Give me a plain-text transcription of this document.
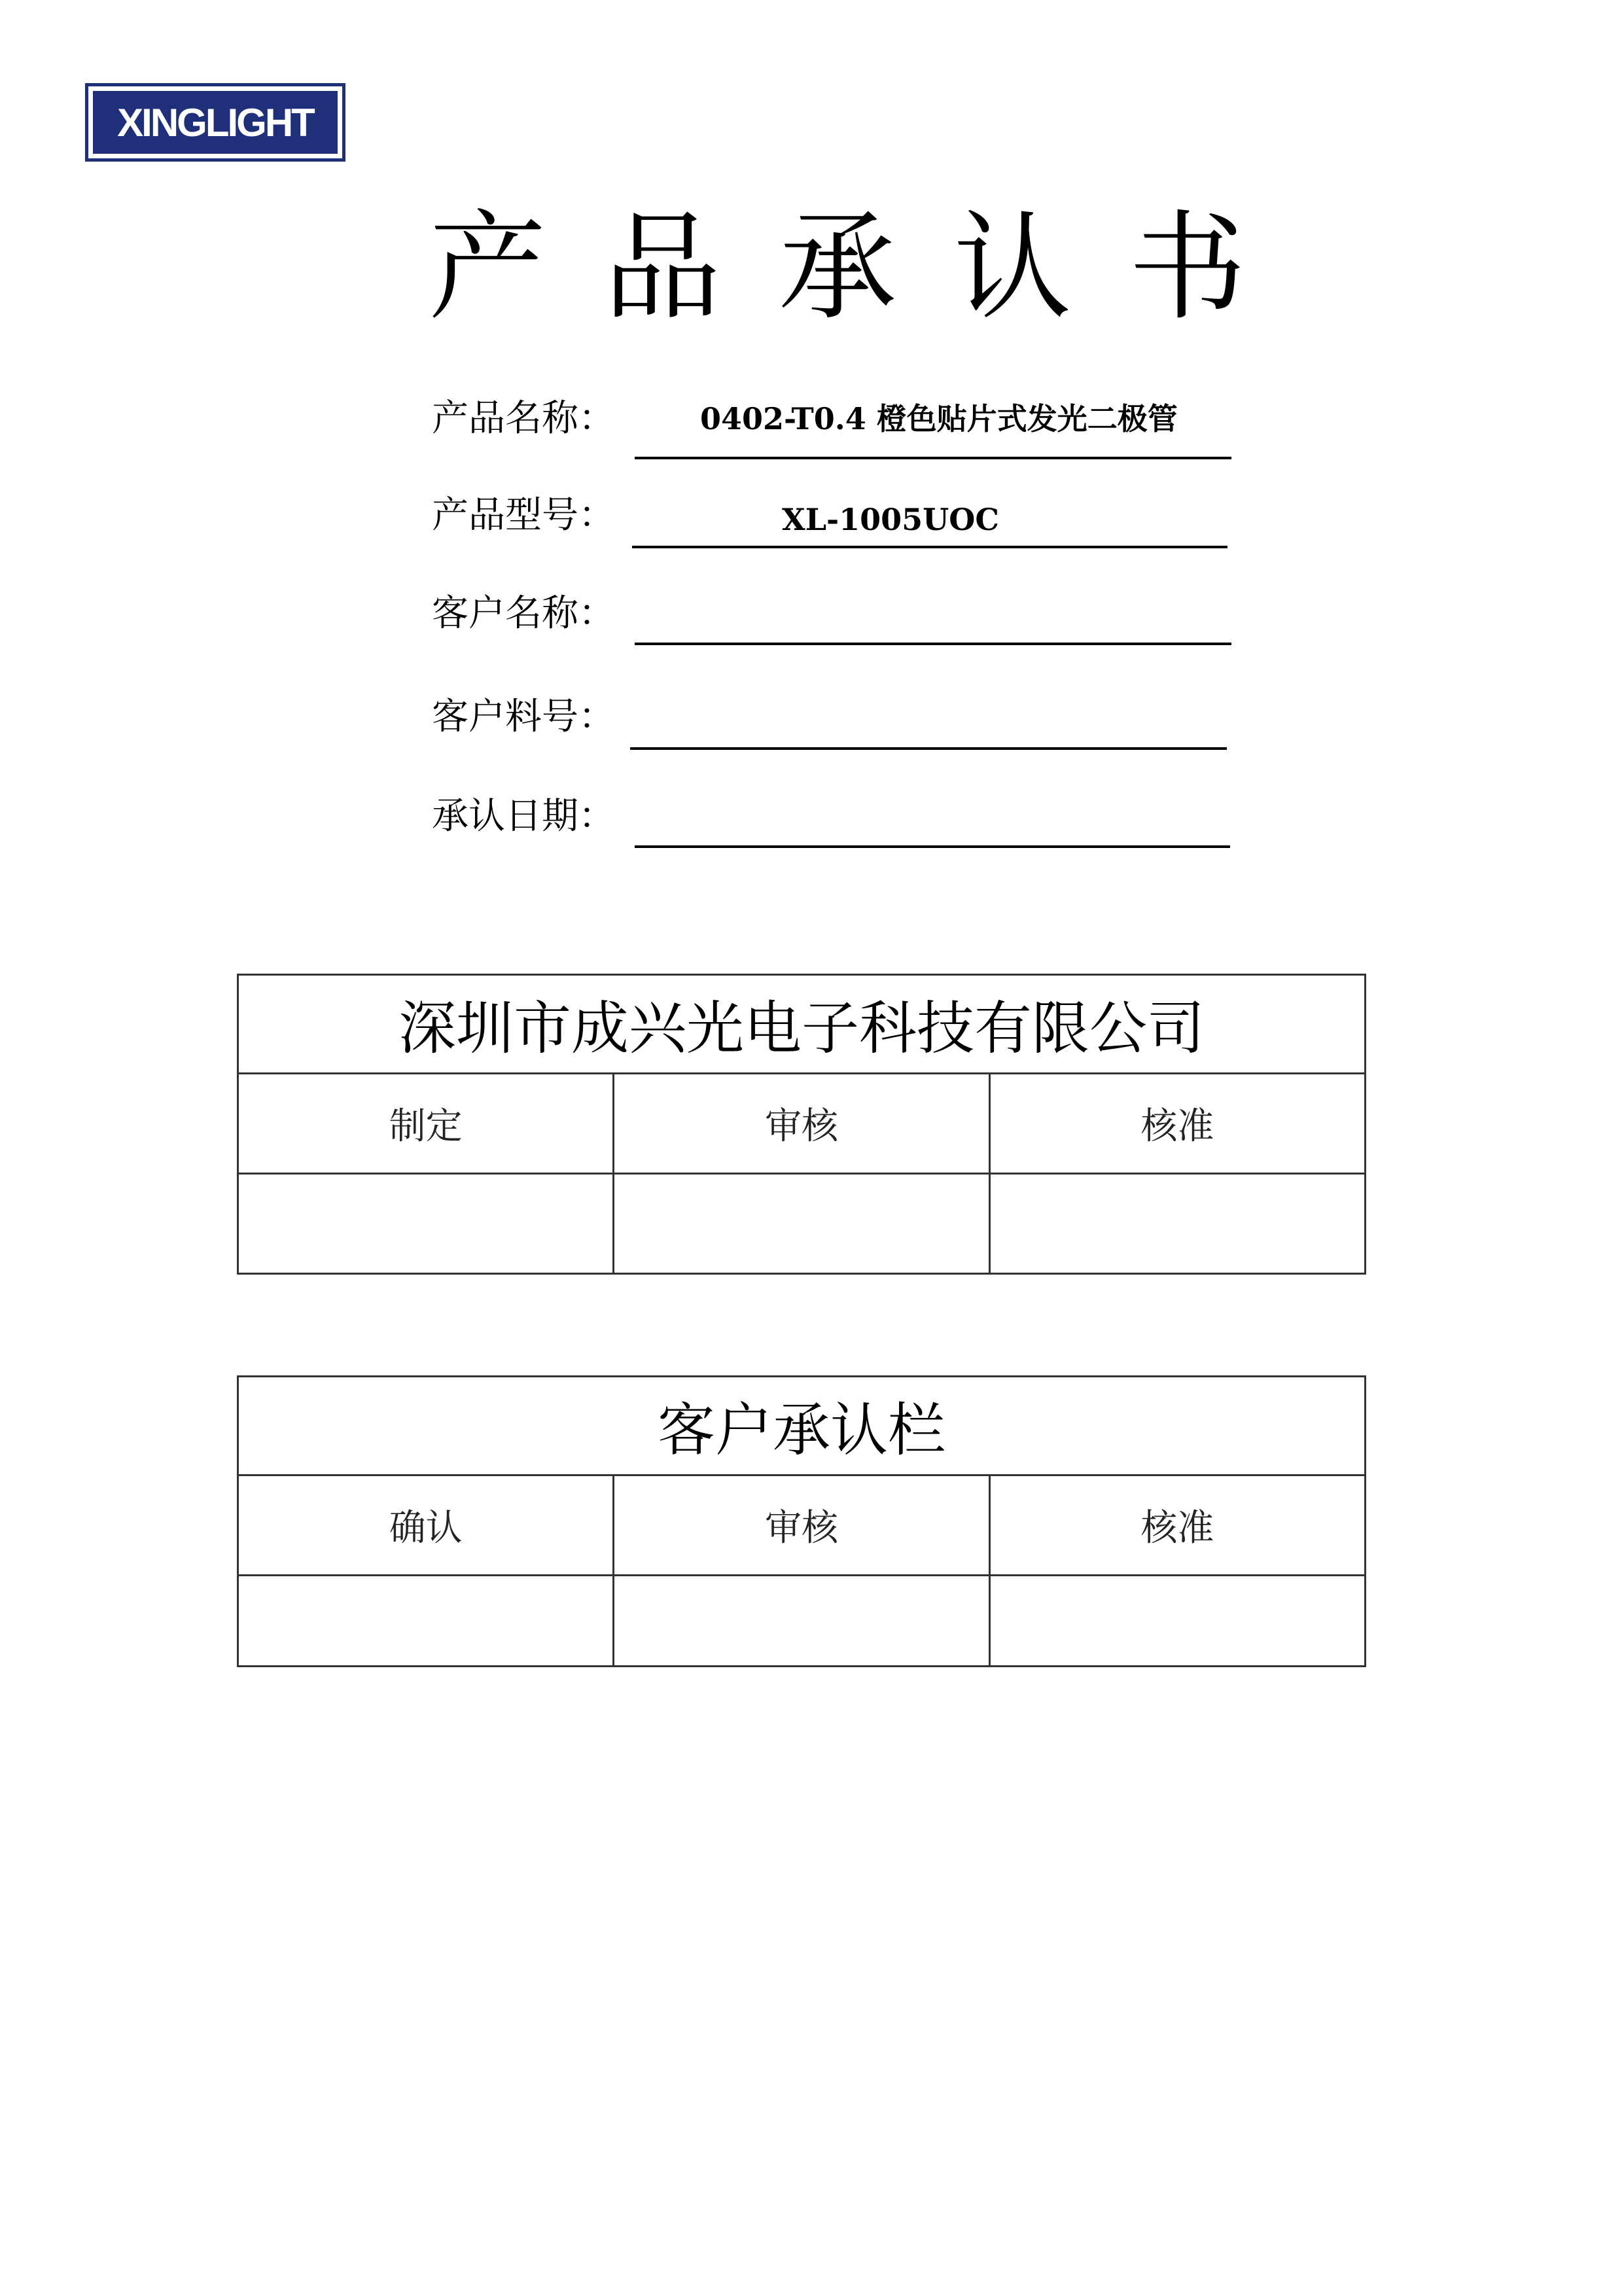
XINGLIGHT
产 品 承 认 书
产品名称：	0402-T0.4 橙色贴片式发光二极管
产品型号：	XL-1005UOC
客户名称：
客户料号：
承认日期：
深圳市成兴光电子科技有限公司		
制定	审核	核准

客户承认栏		
确认	审核	核准
